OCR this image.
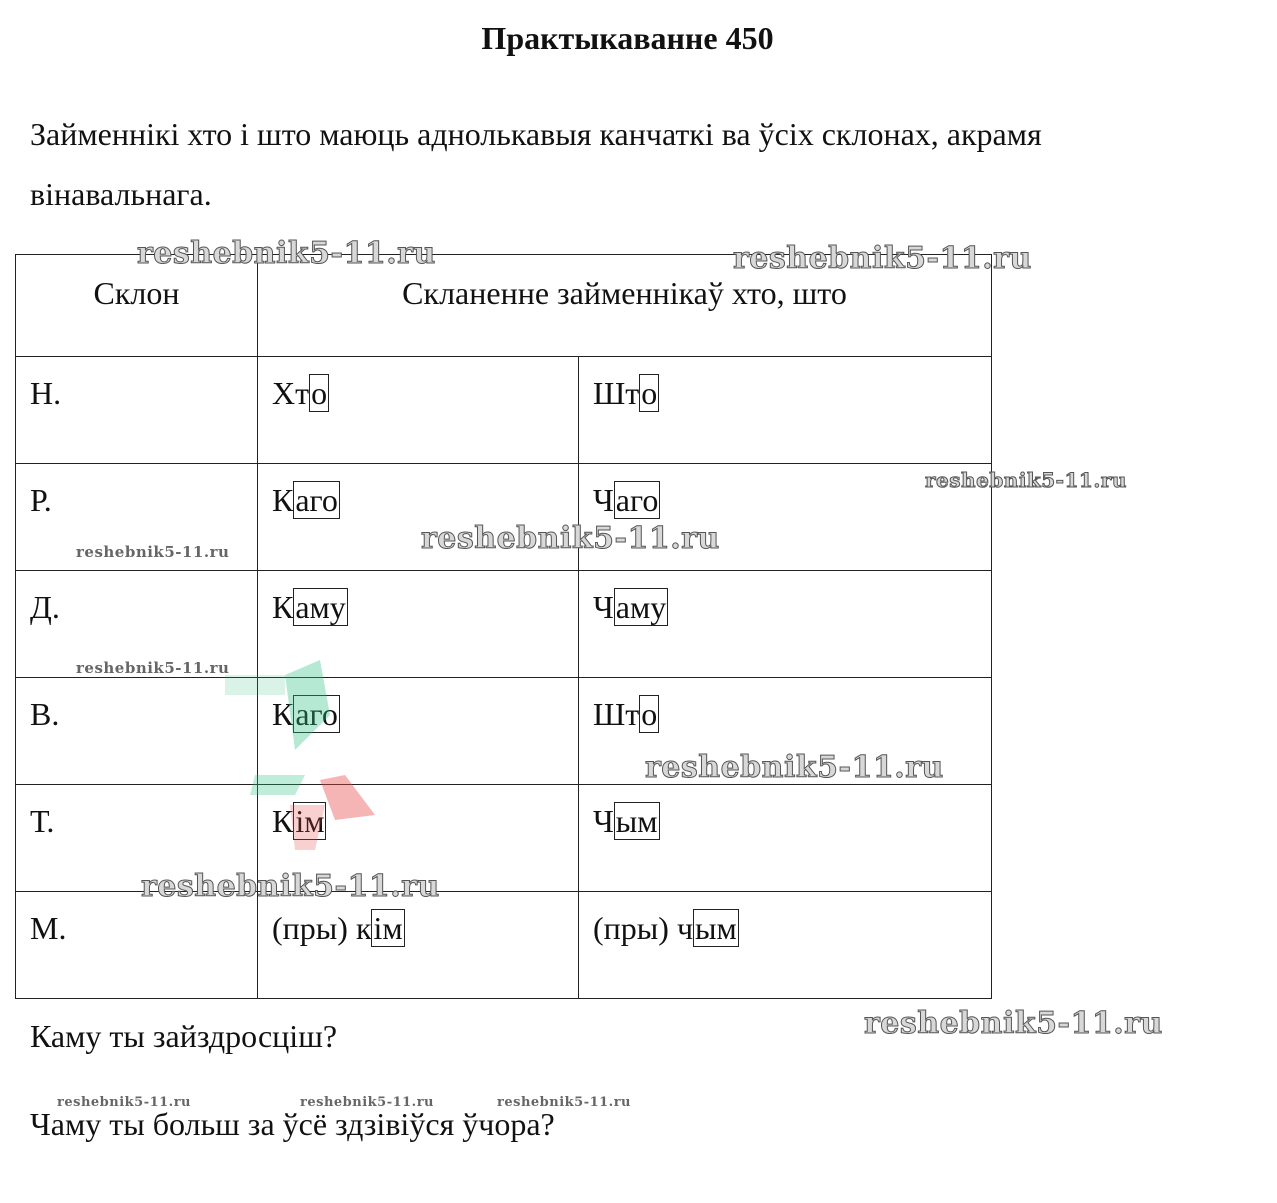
Практыкаванне 450
Займеннікі хто і што маюць аднолькавыя канчаткі ва ўсіх склонах, акрамя вінавальнага.
Склон	Скланенне займеннікаў хто, што	
Н.	Хто	Што
Р.	Каго	Чаго
Д.	Каму	Чаму
В.	Каго	Што
Т.	Кім	Чым
М.	(пры) кім	(пры) чым
Каму ты зайздросціш?
Чаму ты больш за ўсё здзівіўся ўчора?
reshebnik5-11.ru	reshebnik5-11.ru
reshebnik5-11.ru
reshebnik5-11.ru
reshebnik5-11.ru
reshebnik5-11.ru
reshebnik5-11.ru
reshebnik5-11.ru
reshebnik5-11.ru
reshebnik5-11.ru	reshebnik5-11.ru	reshebnik5-11.ru
